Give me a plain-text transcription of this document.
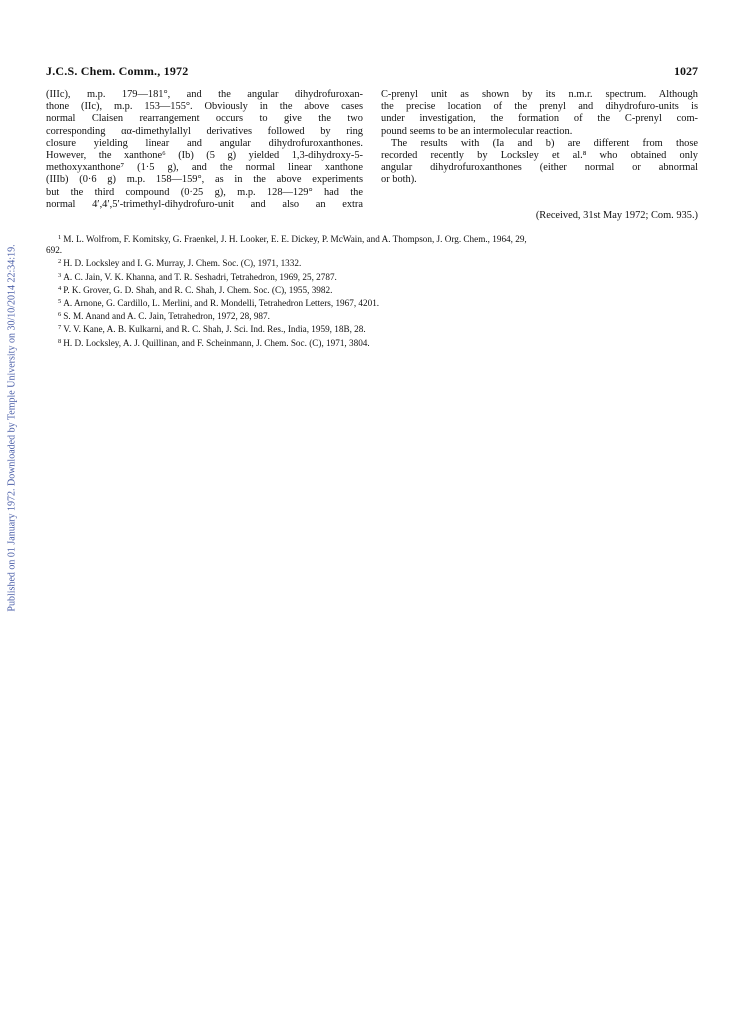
Published on 01 January 1972. Downloaded by Temple University on 30/10/2014 22:34:19.
J.C.S. Chem. Comm., 1972	1027
(IIIc), m.p. 179—181°, and the angular dihydrofuroxan-
thone (IIc), m.p. 153—155°. Obviously in the above cases
normal Claisen rearrangement occurs to give the two
corresponding αα-dimethylallyl derivatives followed by ring
closure yielding linear and angular dihydrofuroxanthones.
However, the xanthone⁶ (Ib) (5 g) yielded 1,3-dihydroxy-5-
methoxyxanthone⁷ (1·5 g), and the normal linear xanthone
(IIIb) (0·6 g) m.p. 158—159°, as in the above experiments
but the third compound (0·25 g), m.p. 128—129° had the
normal 4′,4′,5′-trimethyl-dihydrofuro-unit and also an extra
C-prenyl unit as shown by its n.m.r. spectrum. Although
the precise location of the prenyl and dihydrofuro-units is
under investigation, the formation of the C-prenyl com-
pound seems to be an intermolecular reaction.
The results with (Ia and b) are different from those
recorded recently by Locksley et al.⁸ who obtained only
angular dihydrofuroxanthones (either normal or abnormal
or both).
(Received, 31st May 1972; Com. 935.)
$^1$ M. L. Wolfrom, F. Komitsky, G. Fraenkel, J. H. Looker, E. E. Dickey, P. McWain, and A. Thompson, J. Org. Chem., 1964, 29,
692.
$^2$ H. D. Locksley and I. G. Murray, J. Chem. Soc. (C), 1971, 1332.
$^3$ A. C. Jain, V. K. Khanna, and T. R. Seshadri, Tetrahedron, 1969, 25, 2787.
$^4$ P. K. Grover, G. D. Shah, and R. C. Shah, J. Chem. Soc. (C), 1955, 3982.
$^5$ A. Arnone, G. Cardillo, L. Merlini, and R. Mondelli, Tetrahedron Letters, 1967, 4201.
$^6$ S. M. Anand and A. C. Jain, Tetrahedron, 1972, 28, 987.
$^7$ V. V. Kane, A. B. Kulkarni, and R. C. Shah, J. Sci. Ind. Res., India, 1959, 18B, 28.
$^8$ H. D. Locksley, A. J. Quillinan, and F. Scheinmann, J. Chem. Soc. (C), 1971, 3804.
